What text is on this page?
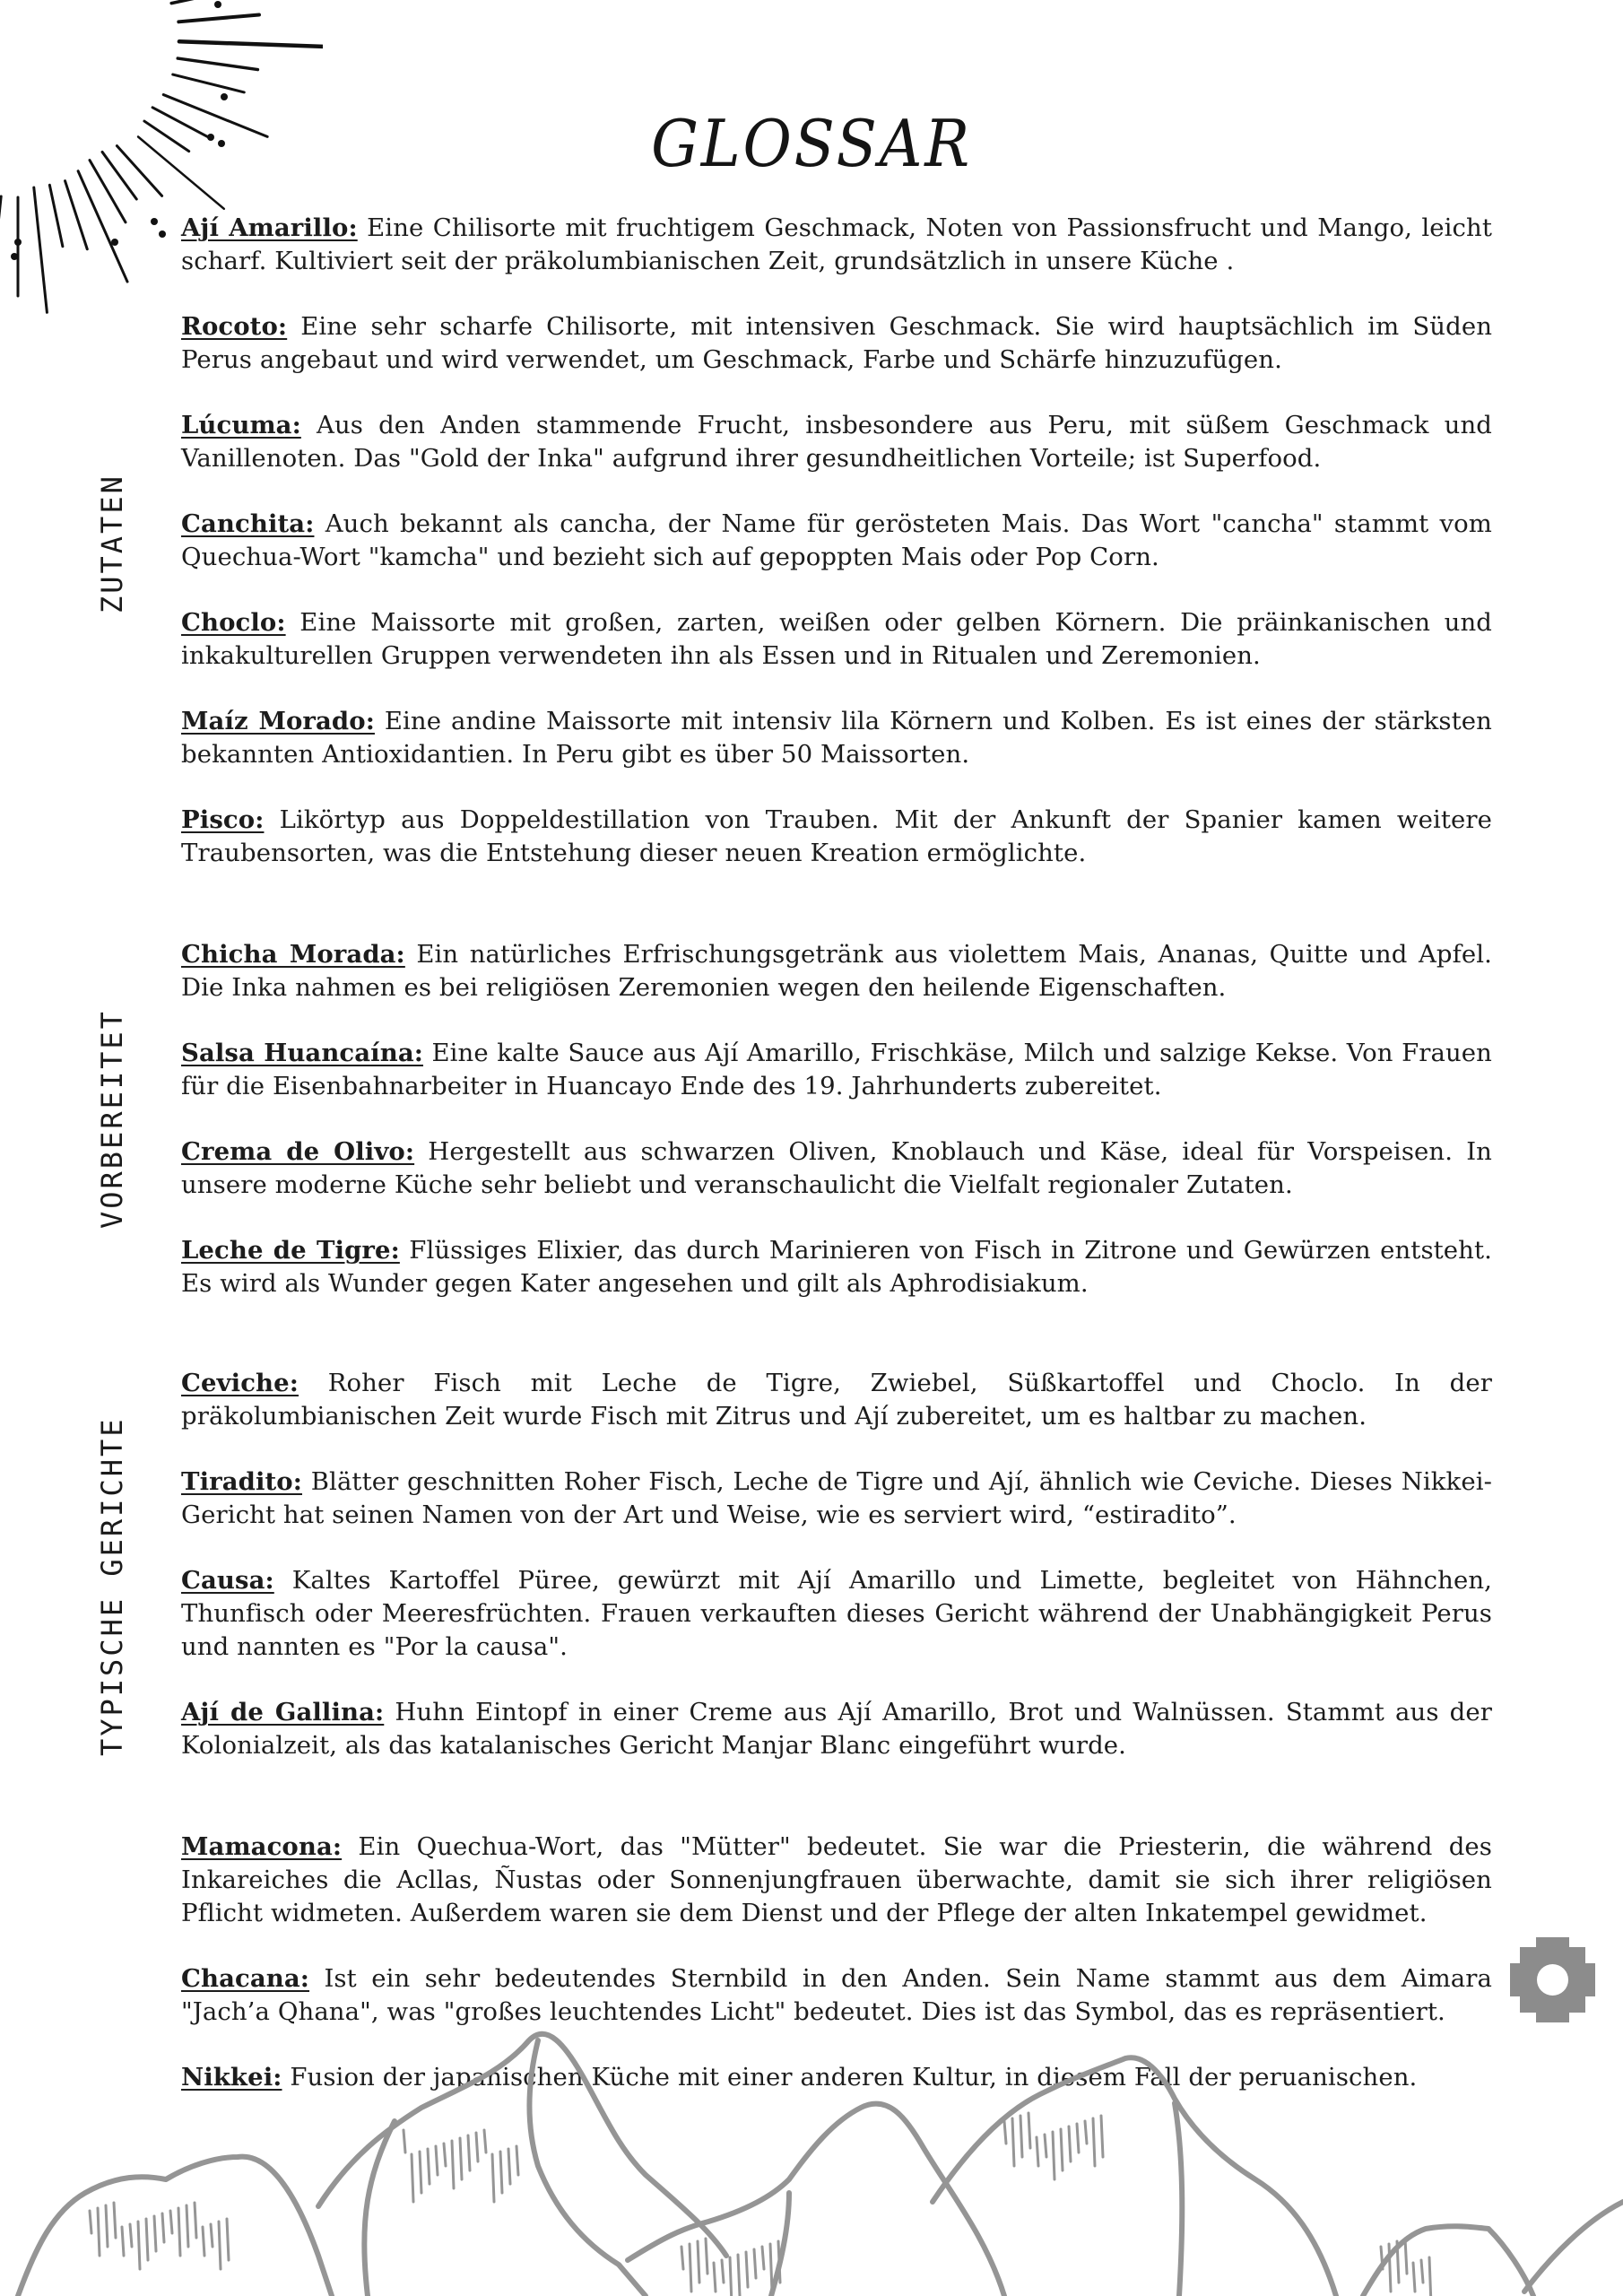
GLOSSAR
ZUTATEN
VORBEREITET
TYPISCHE GERICHTE

Ají Amarillo: Eine Chilisorte mit fruchtigem Geschmack, Noten von Passionsfrucht und Mango, leicht scharf. Kultiviert seit der präkolumbianischen Zeit, grundsätzlich in unsere Küche .

Rocoto: Eine sehr scharfe Chilisorte, mit intensiven Geschmack. Sie wird hauptsächlich im Süden Perus angebaut und wird verwendet, um Geschmack, Farbe und Schärfe hinzuzufügen.

Lúcuma: Aus den Anden stammende Frucht, insbesondere aus Peru, mit süßem Geschmack und Vanillenoten. Das "Gold der Inka" aufgrund ihrer gesundheitlichen Vorteile; ist Superfood.

Canchita: Auch bekannt als cancha, der Name für gerösteten Mais. Das Wort "cancha" stammt vom Quechua-Wort "kamcha" und bezieht sich auf gepoppten Mais oder Pop Corn.

Choclo: Eine Maissorte mit großen, zarten, weißen oder gelben Körnern. Die präinkanischen und inkakulturellen Gruppen verwendeten ihn als Essen und in Ritualen und Zeremonien.

Maíz Morado: Eine andine Maissorte mit intensiv lila Körnern und Kolben. Es ist eines der stärksten bekannten Antioxidantien. In Peru gibt es über 50 Maissorten.

Pisco: Likörtyp aus Doppeldestillation von Trauben. Mit der Ankunft der Spanier kamen weitere Traubensorten, was die Entstehung dieser neuen Kreation ermöglichte.

Chicha Morada: Ein natürliches Erfrischungsgetränk aus violettem Mais, Ananas, Quitte und Apfel. Die Inka nahmen es bei religiösen Zeremonien wegen den heilende Eigenschaften.

Salsa Huancaína: Eine kalte Sauce aus Ají Amarillo, Frischkäse, Milch und salzige Kekse. Von Frauen für die Eisenbahnarbeiter in Huancayo Ende des 19. Jahrhunderts zubereitet.

Crema de Olivo: Hergestellt aus schwarzen Oliven, Knoblauch und Käse, ideal für Vorspeisen. In unsere moderne Küche sehr beliebt und veranschaulicht die Vielfalt regionaler Zutaten.

Leche de Tigre: Flüssiges Elixier, das durch Marinieren von Fisch in Zitrone und Gewürzen entsteht. Es wird als Wunder gegen Kater angesehen und gilt als Aphrodisiakum.

Ceviche: Roher Fisch mit Leche de Tigre, Zwiebel, Süßkartoffel und Choclo. In der präkolumbianischen Zeit wurde Fisch mit Zitrus und Ají zubereitet, um es haltbar zu machen.

Tiradito: Blätter geschnitten Roher Fisch, Leche de Tigre und Ají, ähnlich wie Ceviche. Dieses Nikkei-Gericht hat seinen Namen von der Art und Weise, wie es serviert wird, “estiradito”.

Causa: Kaltes Kartoffel Püree, gewürzt mit Ají Amarillo und Limette, begleitet von Hähnchen, Thunfisch oder Meeresfrüchten. Frauen verkauften dieses Gericht während der Unabhängigkeit Perus und nannten es "Por la causa".

Ají de Gallina: Huhn Eintopf in einer Creme aus Ají Amarillo, Brot und Walnüssen. Stammt aus der Kolonialzeit, als das katalanisches Gericht Manjar Blanc eingeführt wurde.

Mamacona: Ein Quechua-Wort, das "Mütter" bedeutet. Sie war die Priesterin, die während des Inkareiches die Acllas, Ñustas oder Sonnenjungfrauen überwachte, damit sie sich ihrer religiösen Pflicht widmeten. Außerdem waren sie dem Dienst und der Pflege der alten Inkatempel gewidmet.

Chacana: Ist ein sehr bedeutendes Sternbild in den Anden. Sein Name stammt aus dem Aimara "Jach’a Qhana", was "großes leuchtendes Licht" bedeutet. Dies ist das Symbol, das es repräsentiert.

Nikkei: Fusion der japanischen Küche mit einer anderen Kultur, in diesem Fall der peruanischen.
